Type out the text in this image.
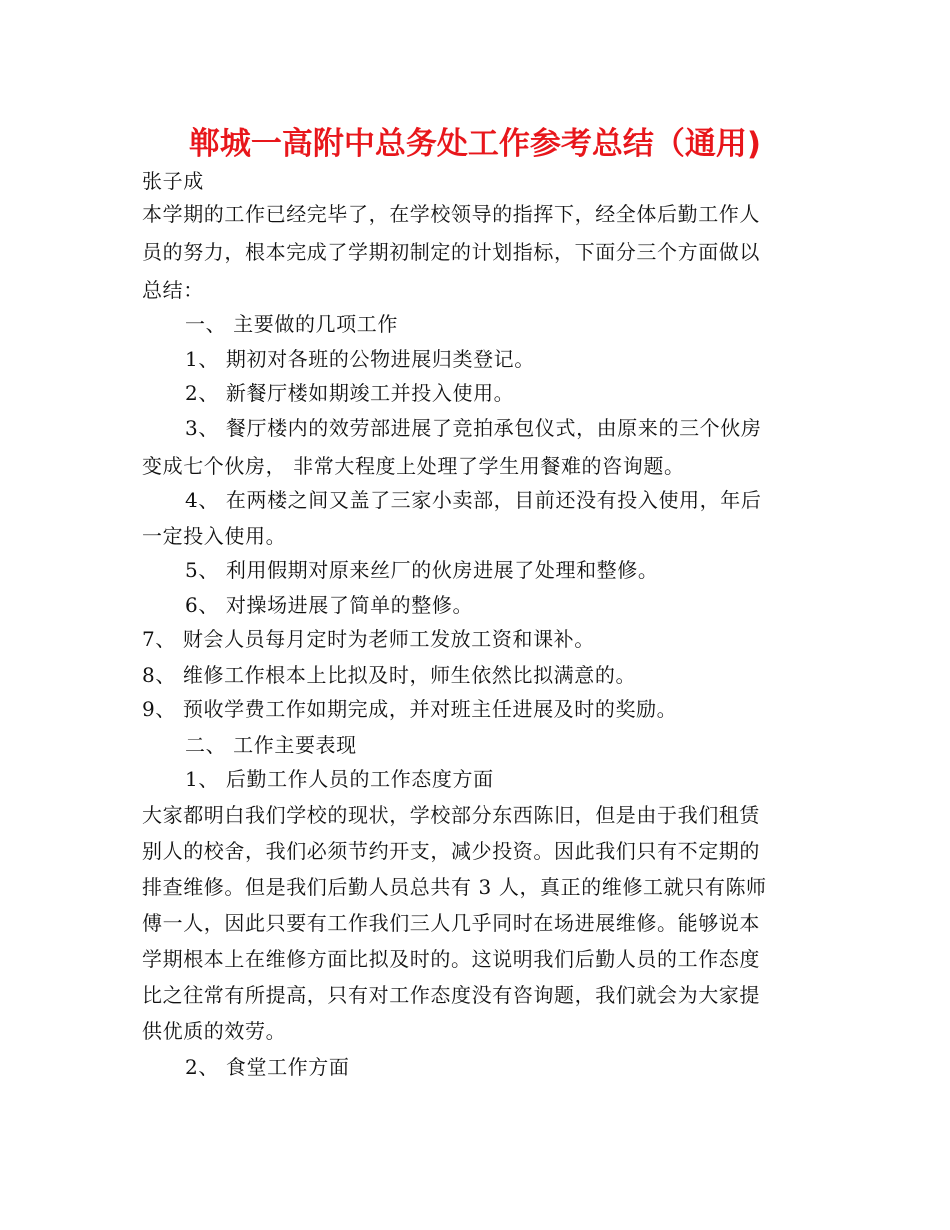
郸城一高附中总务处工作参考总结（通用)
张子成
本学期的工作已经完毕了，在学校领导的指挥下，经全体后勤工作人
员的努力，根本完成了学期初制定的计划指标，下面分三个方面做以
总结：
一、 主要做的几项工作
1、 期初对各班的公物进展归类登记。
2、 新餐厅楼如期竣工并投入使用。
3、 餐厅楼内的效劳部进展了竞拍承包仪式，由原来的三个伙房
变成七个伙房， 非常大程度上处理了学生用餐难的咨询题。
4、 在两楼之间又盖了三家小卖部，目前还没有投入使用，年后
一定投入使用。
5、 利用假期对原来丝厂的伙房进展了处理和整修。
6、 对操场进展了简单的整修。
7、 财会人员每月定时为老师工发放工资和课补。
8、 维修工作根本上比拟及时，师生依然比拟满意的。
9、 预收学费工作如期完成，并对班主任进展及时的奖励。
二、 工作主要表现
1、 后勤工作人员的工作态度方面
大家都明白我们学校的现状，学校部分东西陈旧，但是由于我们租赁
别人的校舍，我们必须节约开支，减少投资。因此我们只有不定期的
排查维修。但是我们后勤人员总共有 3 人，真正的维修工就只有陈师
傅一人，因此只要有工作我们三人几乎同时在场进展维修。能够说本
学期根本上在维修方面比拟及时的。这说明我们后勤人员的工作态度
比之往常有所提高，只有对工作态度没有咨询题，我们就会为大家提
供优质的效劳。
2、 食堂工作方面
